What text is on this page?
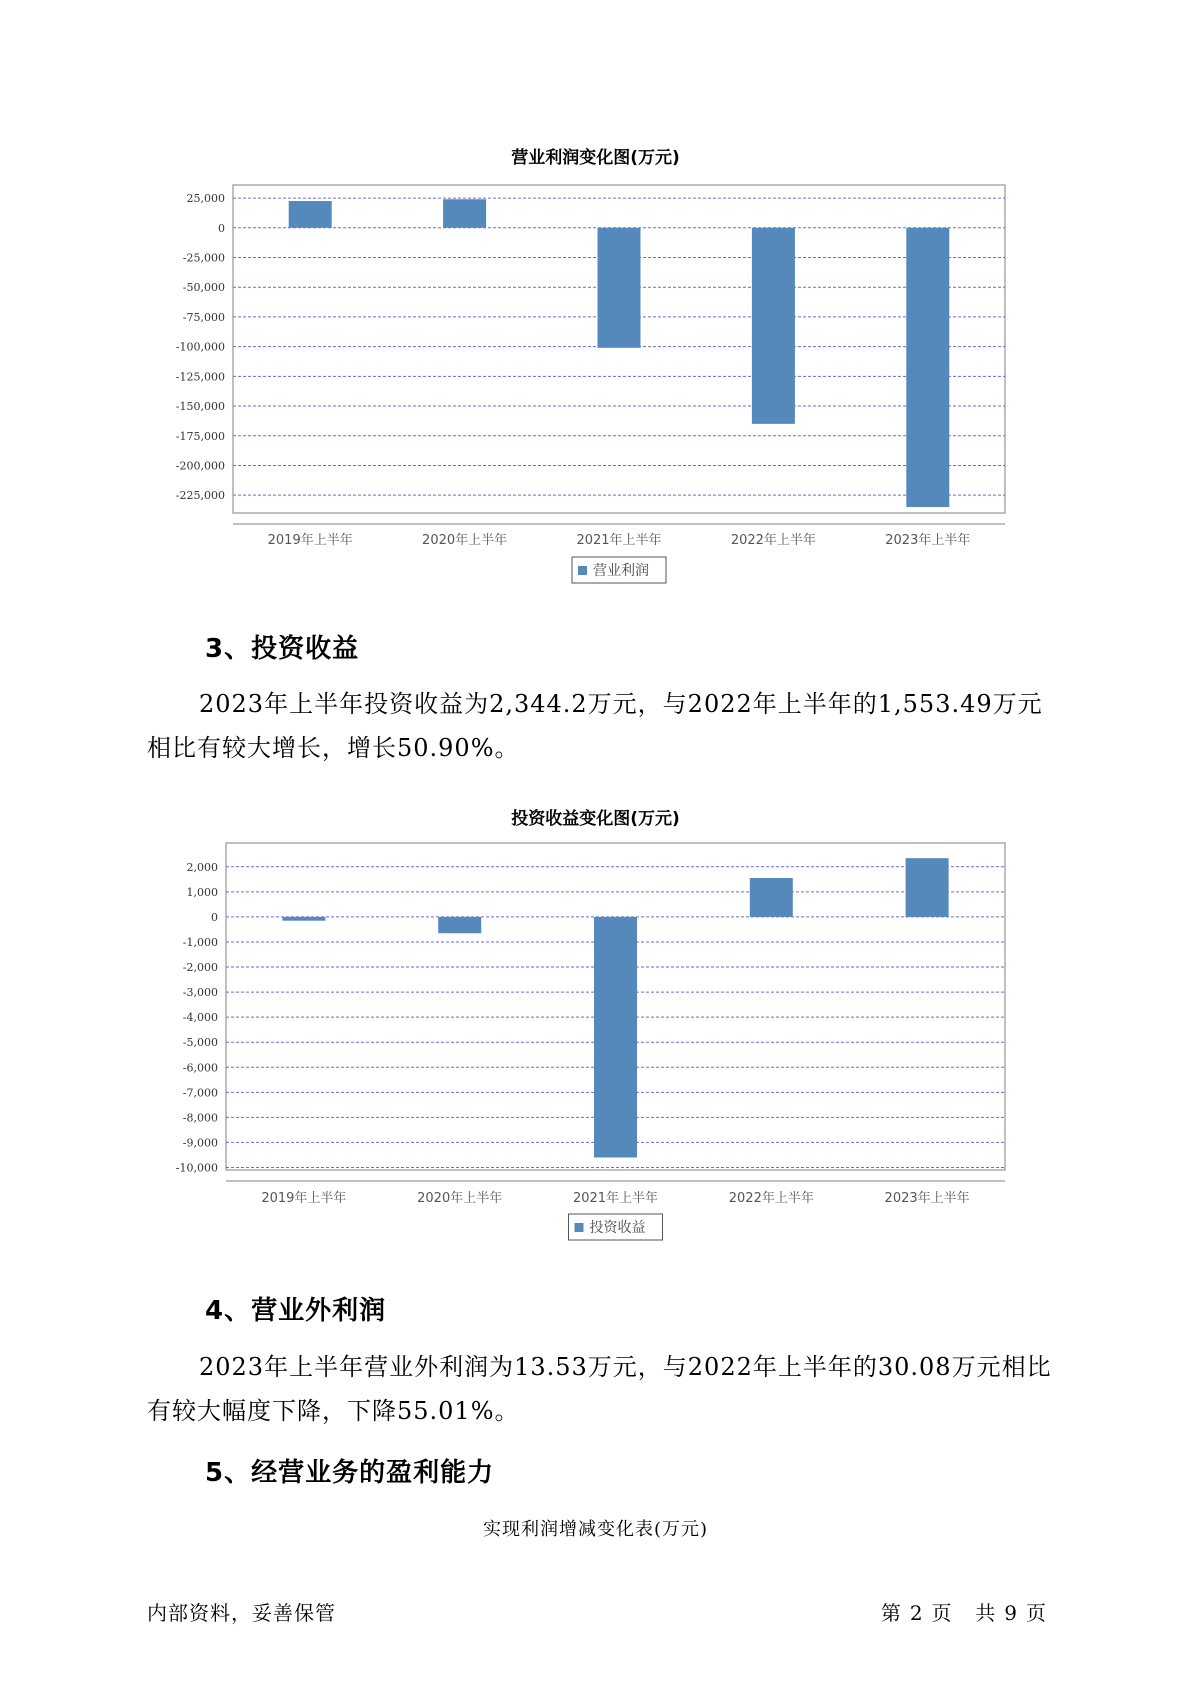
营业利润变化图(万元)
25,000
0
-25,000
-50,000
-75,000
-100,000
-125,000
-150,000
-175,000
-200,000
-225,000
2019年上半年	2020年上半年	2021年上半年	2022年上半年	2023年上半年
营业利润
3、投资收益

2023年上半年投资收益为2,344.2万元，与2022年上半年的1,553.49万元相比有较大增长，增长50.90%。

投资收益变化图(万元)
2,000
1,000
0
-1,000
-2,000
-3,000
-4,000
-5,000
-6,000
-7,000
-8,000
-9,000
-10,000
2019年上半年	2020年上半年	2021年上半年	2022年上半年	2023年上半年
投资收益
4、营业外利润

2023年上半年营业外利润为13.53万元，与2022年上半年的30.08万元相比有较大幅度下降，下降55.01%。

5、经营业务的盈利能力
实现利润增减变化表(万元)
内部资料，妥善保管	第 2 页 共 9 页
